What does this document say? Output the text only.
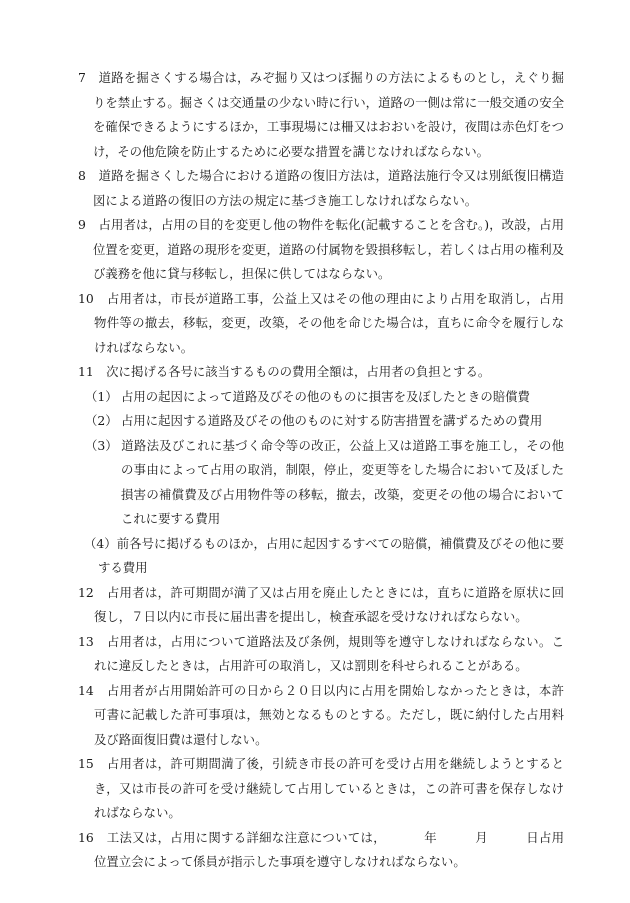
7　 道路を掘さくする場合は，みぞ掘り又はつぼ掘りの方法によるものとし，えぐり掘りを禁止する。掘さくは交通量の少ない時に行い，道路の一側は常に一般交通の安全を確保できるようにするほか，工事現場には柵又はおおいを設け，夜間は赤色灯をつけ，その他危険を防止するために必要な措置を講じなければならない。

8　 道路を掘さくした場合における道路の復旧方法は，道路法施行令又は別紙復旧構造図による道路の復旧の方法の規定に基づき施工しなければならない。

9　 占用者は，占用の目的を変更し他の物件を転化(記載することを含む。)，改設，占用位置を変更，道路の現形を変更，道路の付属物を毀損移転し，若しくは占用の権利及び義務を他に貸与移転し，担保に供してはならない。

10　 占用者は，市長が道路工事，公益上又はその他の理由により占用を取消し，占用物件等の撤去，移転，変更，改築，その他を命じた場合は，直ちに命令を履行しなければならない。

11　 次に掲げる各号に該当するものの費用全額は，占用者の負担とする。

（1） 占用の起因によって道路及びその他のものに損害を及ぼしたときの賠償費

（2） 占用に起因する道路及びその他のものに対する防害措置を講ずるための費用

（3） 道路法及びこれに基づく命令等の改正，公益上又は道路工事を施工し，その他の事由によって占用の取消，制限，停止，変更等をした場合において及ぼした損害の補償費及び占用物件等の移転，撤去，改築，変更その他の場合においてこれに要する費用

（4）前各号に掲げるものほか，占用に起因するすべての賠償，補償費及びその他に要する費用

12　 占用者は，許可期間が満了又は占用を廃止したときには，直ちに道路を原状に回復し，７日以内に市長に届出書を提出し，検査承認を受けなければならない。

13　 占用者は，占用について道路法及び条例，規則等を遵守しなければならない。これに違反したときは，占用許可の取消し，又は罰則を科せられることがある。

14　 占用者が占用開始許可の日から２０日以内に占用を開始しなかったときは，本許可書に記載した許可事項は，無効となるものとする。ただし，既に納付した占用料及び路面復旧費は還付しない。

15　 占用者は，許可期間満了後，引続き市長の許可を受け占用を継続しようとするとき，又は市長の許可を受け継続して占用しているときは，この許可書を保存しなければならない。

16　 工法又は，占用に関する詳細な注意については，	年	月	日占用位置立会によって係員が指示した事項を遵守しなければならない。
